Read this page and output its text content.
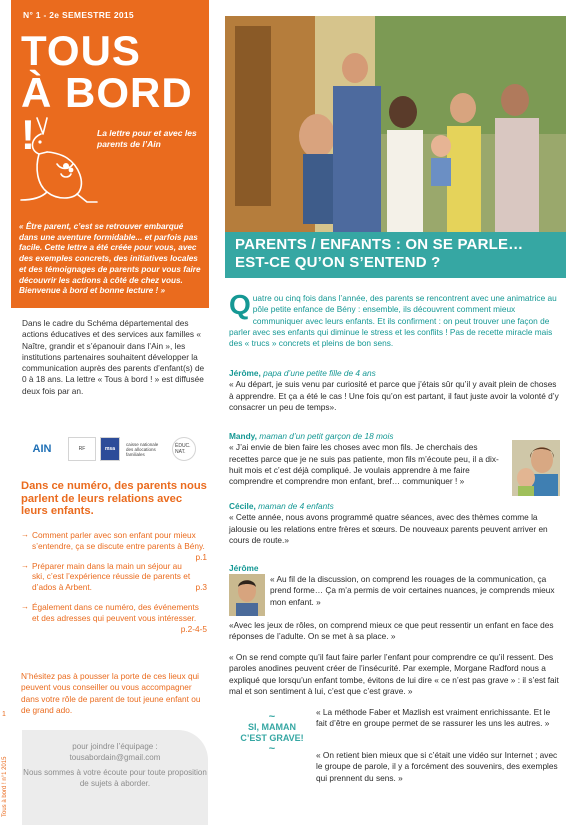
N° 1 - 2e SEMESTRE 2015
TOUS
À BORD !	La lettre pour et avec les parents de l’Ain
« Être parent, c’est se retrouver embarqué dans une aventure formidable... et parfois pas facile. Cette lettre a été créée pour vous, avec des exemples concrets, des initiatives locales et des témoignages de parents pour vous faire découvrir les actions à côté de chez vous. Bienvenue à bord et bonne lecture ! »
Dans le cadre du Schéma départemental des actions éducatives et des services aux familles « Naître, grandir et s’épanouir dans l’Ain », les institutions partenaires souhaitent développer la communication auprès des parents d’enfant(s) de 0 à 18 ans. La lettre « Tous à bord ! » est diffusée deux fois par an.
AIN	RF	msa
caisse nationale des allocations familiales
ÉDUC. NAT.
Dans ce numéro, des parents nous parlent de leurs relations avec leurs enfants.
→ Comment parler avec son enfant pour mieux s’entendre, ça se discute entre parents à Bény.
p.1
→ Préparer main dans la main un séjour au ski, c’est l’expérience réussie de parents et d’ados à Arbent.	p.3
→ Également dans ce numéro, des événements et des adresses qui peuvent vous intéresser.
p.2-4-5
N’hésitez pas à pousser la porte de ces lieux qui peuvent vous conseiller ou vous accompagner dans votre rôle de parent de tout jeune enfant ou de grand ado.
1
Tous à bord ! n°1 2015
pour joindre l’équipage :
tousabordain@gmail.com
Nous sommes à votre écoute pour toute proposition de sujets à aborder.
PARENTS / ENFANTS : ON SE PARLE…
EST-CE QU’ON S’ENTEND ?
Quatre ou cinq fois dans l’année, des parents se rencontrent avec une animatrice au pôle petite enfance de Bény : ensemble, ils découvrent comment mieux communiquer avec leurs enfants. Et ils confirment : on peut trouver une façon de parler avec ses enfants qui diminue le stress et les conflits ! Pas de recette miracle mais des « trucs » concrets et pleins de bon sens.
Jérôme, papa d’une petite fille de 4 ans
« Au départ, je suis venu par curiosité et parce que j’étais sûr qu’il y avait plein de choses à apprendre. Et ça a été le cas ! Une fois qu’on est partant, il faut juste avoir la volonté d’y consacrer un peu de temps».
Mandy, maman d’un petit garçon de 18 mois
« J’ai envie de bien faire les choses avec mon fils. Je cherchais des recettes parce que je ne suis pas patiente, mon fils m’écoute peu, il a dix-huit mois et c’est déjà compliqué. Je voulais apprendre à me faire comprendre et comprendre mon enfant, bref… communiquer ! »
Cécile, maman de 4 enfants
« Cette année, nous avons programmé quatre séances, avec des thèmes comme la jalousie ou les relations entre frères et sœurs. De nouveaux parents peuvent arriver en cours de route.»
Jérôme
« Au fil de la discussion, on comprend les rouages de la communication, ça prend forme… Ça m’a permis de voir certaines nuances, je comprends mieux mon enfant. »
«Avec les jeux de rôles, on comprend mieux ce que peut ressentir un enfant en face des réponses de l’adulte. On se met à sa place. »
« On se rend compte qu’il faut faire parler l’enfant pour comprendre ce qu’il ressent. Des paroles anodines peuvent créer de l’insécurité. Par exemple, Morgane Radford nous a expliqué que lorsqu’un enfant tombe, évitons de lui dire « ce n’est pas grave » : il s’est fait mal et son sentiment à lui, c’est que c’est grave. »
~
SI, MAMAN
C’EST GRAVE!
~
« La méthode Faber et Mazlish est vraiment enrichissante. Et le fait d’être en groupe permet de se rassurer les uns les autres. »
« On retient bien mieux que si c’était une vidéo sur Internet ; avec le groupe de parole, il y a forcément des souvenirs, des exemples qui prennent du sens. »
